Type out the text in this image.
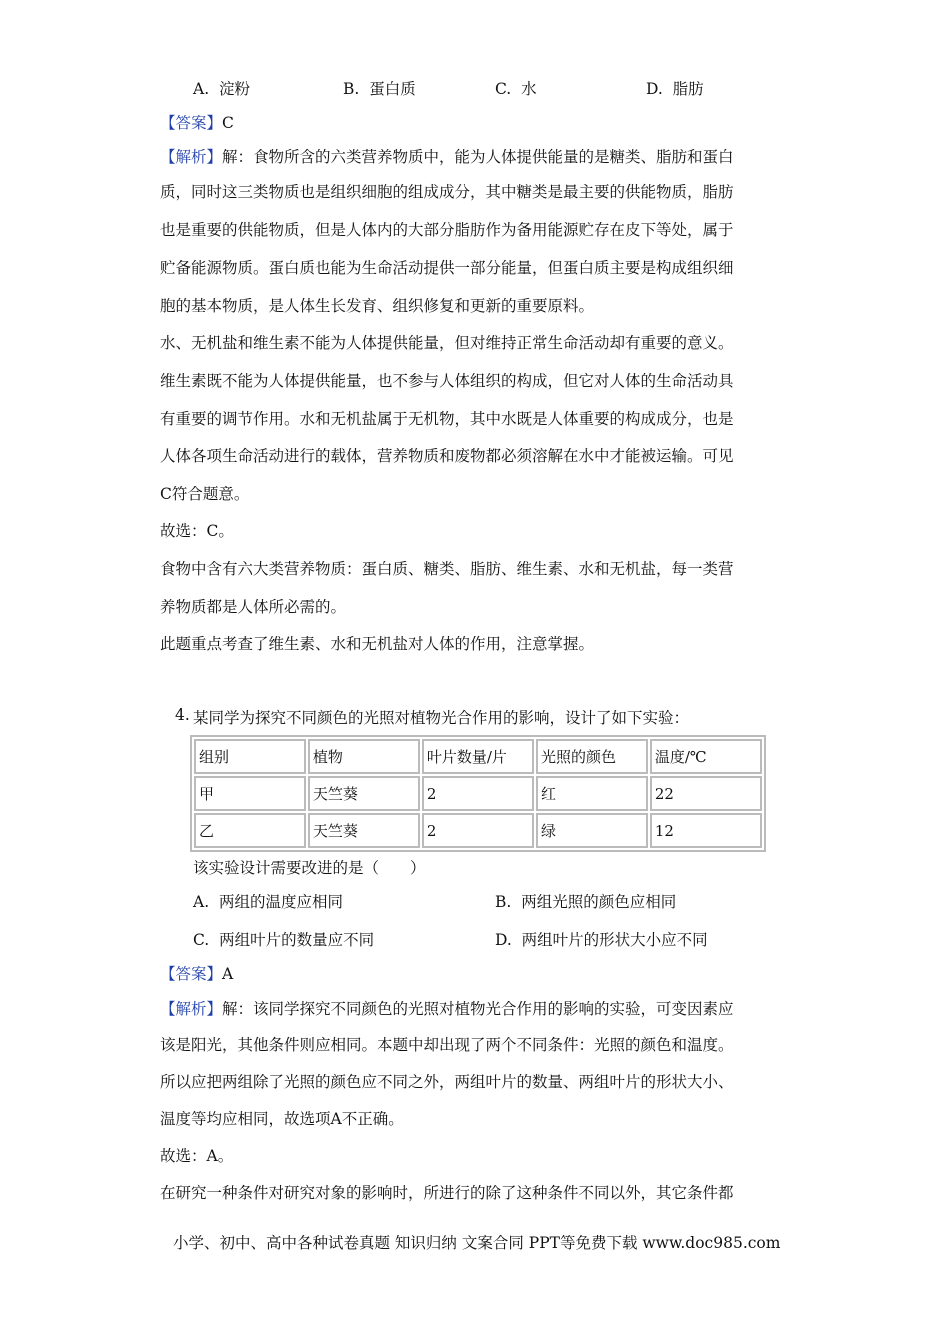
A. 淀粉	B. 蛋白质	C. 水	D. 脂肪
【答案】C
【解析】解：食物所含的六类营养物质中，能为人体提供能量的是糖类、脂肪和蛋白
质，同时这三类物质也是组织细胞的组成成分，其中糖类是最主要的供能物质，脂肪
也是重要的供能物质，但是人体内的大部分脂肪作为备用能源贮存在皮下等处，属于
贮备能源物质。蛋白质也能为生命活动提供一部分能量，但蛋白质主要是构成组织细
胞的基本物质，是人体生长发育、组织修复和更新的重要原料。
水、无机盐和维生素不能为人体提供能量，但对维持正常生命活动却有重要的意义。
维生素既不能为人体提供能量，也不参与人体组织的构成，但它对人体的生命活动具
有重要的调节作用。水和无机盐属于无机物，其中水既是人体重要的构成成分，也是
人体各项生命活动进行的载体，营养物质和废物都必须溶解在水中才能被运输。可见
C符合题意。
故选：C。
食物中含有六大类营养物质：蛋白质、糖类、脂肪、维生素、水和无机盐，每一类营
养物质都是人体所必需的。
此题重点考查了维生素、水和无机盐对人体的作用，注意掌握。
4. 某同学为探究不同颜色的光照对植物光合作用的影响，设计了如下实验：
组别	植物	叶片数量/片	光照的颜色	温度/℃
甲	天竺葵	2	红	22
乙	天竺葵	2	绿	12
该实验设计需要改进的是（　　）
A. 两组的温度应相同	B. 两组光照的颜色应相同
C. 两组叶片的数量应不同	D. 两组叶片的形状大小应不同
【答案】A
【解析】解：该同学探究不同颜色的光照对植物光合作用的影响的实验，可变因素应
该是阳光，其他条件则应相同。本题中却出现了两个不同条件：光照的颜色和温度。
所以应把两组除了光照的颜色应不同之外，两组叶片的数量、两组叶片的形状大小、
温度等均应相同，故选项A不正确。
故选：A。
在研究一种条件对研究对象的影响时，所进行的除了这种条件不同以外，其它条件都
小学、初中、高中各种试卷真题 知识归纳 文案合同 PPT等免费下载 www.doc985.com
